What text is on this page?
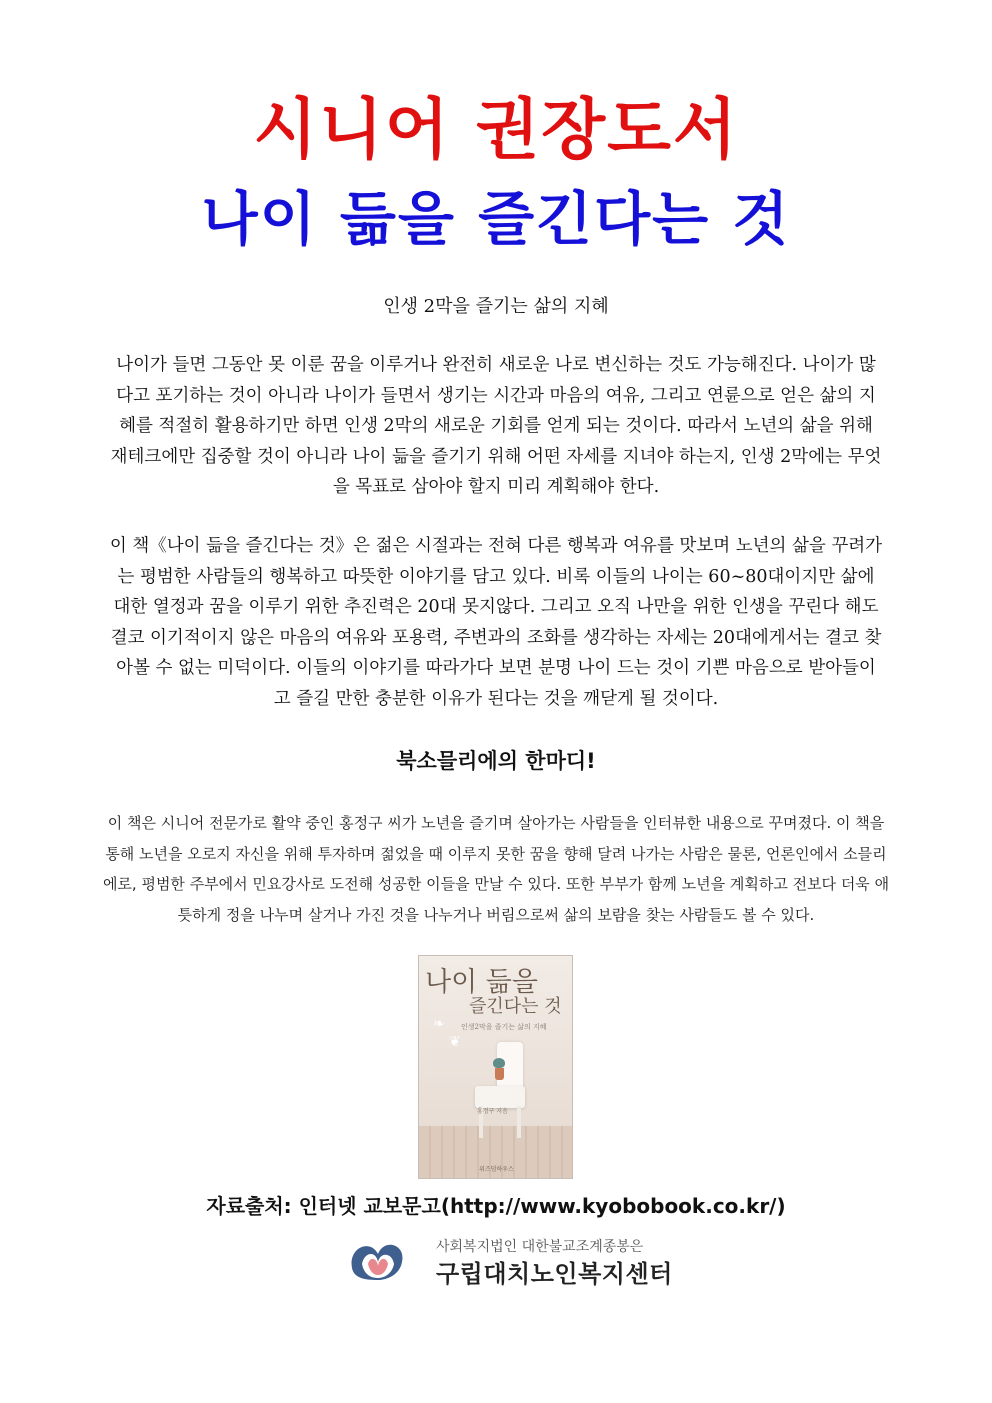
시니어 권장도서
나이 듦을 즐긴다는 것
인생 2막을 즐기는 삶의 지혜

나이가 들면 그동안 못 이룬 꿈을 이루거나 완전히 새로운 나로 변신하는 것도 가능해진다. 나이가 많다고 포기하는 것이 아니라 나이가 들면서 생기는 시간과 마음의 여유, 그리고 연륜으로 얻은 삶의 지혜를 적절히 활용하기만 하면 인생 2막의 새로운 기회를 얻게 되는 것이다. 따라서 노년의 삶을 위해 재테크에만 집중할 것이 아니라 나이 듦을 즐기기 위해 어떤 자세를 지녀야 하는지, 인생 2막에는 무엇을 목표로 삼아야 할지 미리 계획해야 한다.

이 책《나이 듦을 즐긴다는 것》은 젊은 시절과는 전혀 다른 행복과 여유를 맛보며 노년의 삶을 꾸려가는 평범한 사람들의 행복하고 따뜻한 이야기를 담고 있다. 비록 이들의 나이는 60~80대이지만 삶에 대한 열정과 꿈을 이루기 위한 추진력은 20대 못지않다. 그리고 오직 나만을 위한 인생을 꾸린다 해도 결코 이기적이지 않은 마음의 여유와 포용력, 주변과의 조화를 생각하는 자세는 20대에게서는 결코 찾아볼 수 없는 미덕이다. 이들의 이야기를 따라가다 보면 분명 나이 드는 것이 기쁜 마음으로 받아들이고 즐길 만한 충분한 이유가 된다는 것을 깨닫게 될 것이다.

북소믈리에의 한마디!

이 책은 시니어 전문가로 활약 중인 홍정구 씨가 노년을 즐기며 살아가는 사람들을 인터뷰한 내용으로 꾸며졌다. 이 책을 통해 노년을 오로지 자신을 위해 투자하며 젊었을 때 이루지 못한 꿈을 향해 달려 나가는 사람은 물론, 언론인에서 소믈리에로, 평범한 주부에서 민요강사로 도전해 성공한 이들을 만날 수 있다. 또한 부부가 함께 노년을 계획하고 전보다 더욱 애틋하게 정을 나누며 살거나 가진 것을 나누거나 버림으로써 삶의 보람을 찾는 사람들도 볼 수 있다.

❧
❦
나이 듦을
즐긴다는 것
인생2막을 즐기는 삶의 지혜
홍정구 지음
위즈덤하우스
자료출처: 인터넷 교보문고(http://www.kyobobook.co.kr/)
사회복지법인 대한불교조계종봉은
구립대치노인복지센터
